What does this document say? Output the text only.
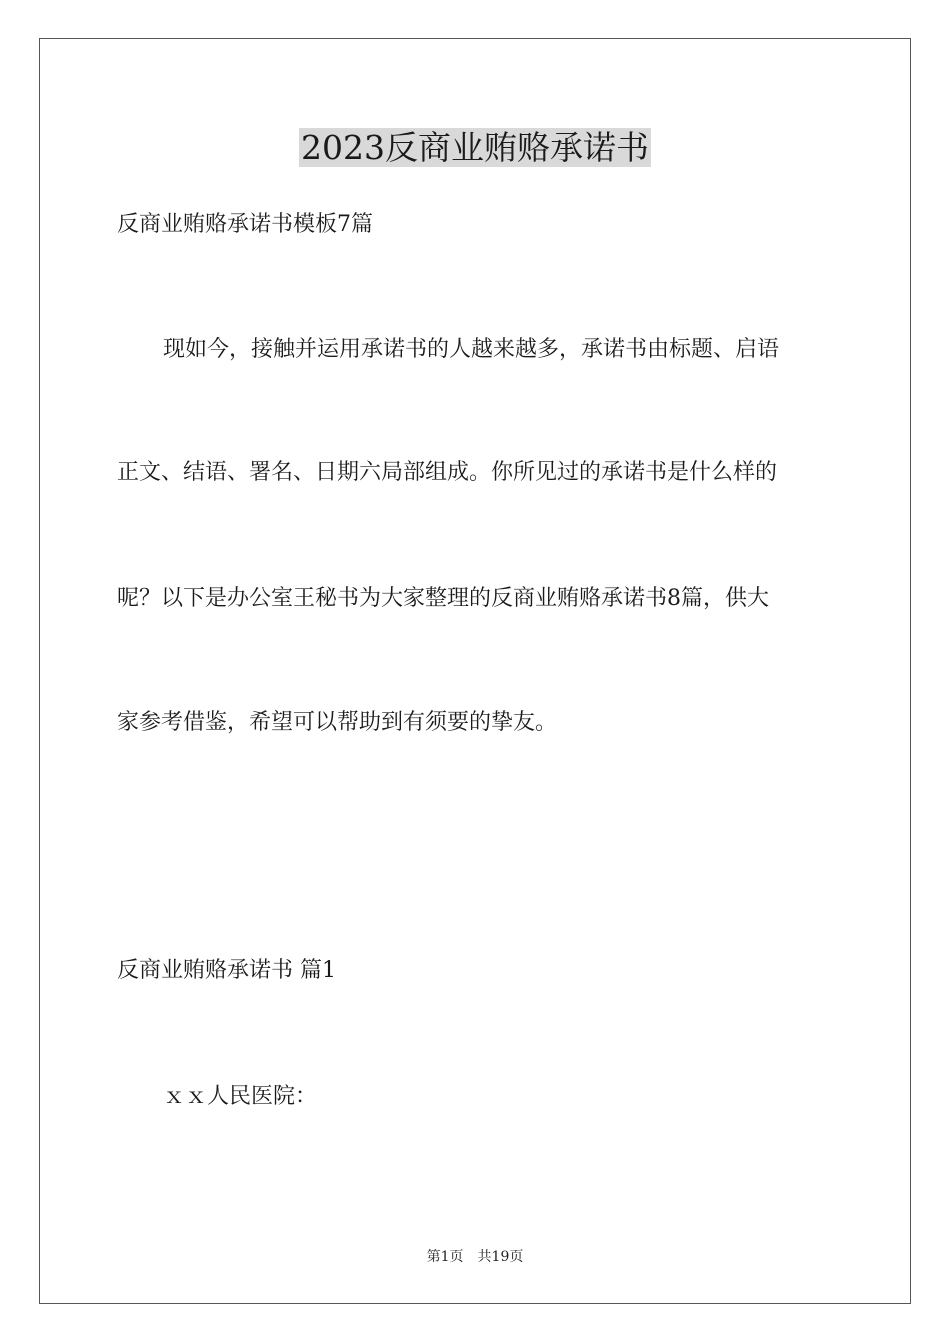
2023反商业贿赂承诺书

反商业贿赂承诺书模板7篇

现如今，接触并运用承诺书的人越来越多，承诺书由标题、启语

正文、结语、署名、日期六局部组成。你所见过的承诺书是什么样的

呢？以下是办公室王秘书为大家整理的反商业贿赂承诺书8篇，供大

家参考借鉴，希望可以帮助到有须要的挚友。

反商业贿赂承诺书 篇1

ｘｘ人民医院：

第1页 共19页
